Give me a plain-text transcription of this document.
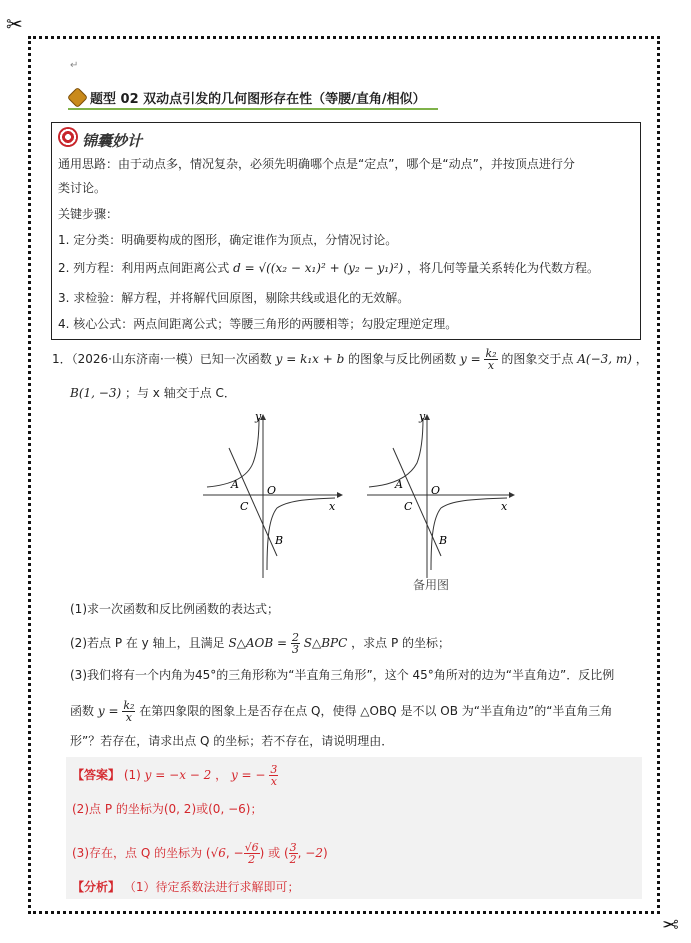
✂
✂
↵
题型 02 双动点引发的几何图形存在性（等腰/直角/相似）
锦囊妙计
通用思路：由于动点多，情况复杂，必须先明确哪个点是“定点”，哪个是“动点”，并按顶点进行分
类讨论。
关键步骤：
1. 定分类：明确要构成的图形，确定谁作为顶点，分情况讨论。
2. 列方程：利用两点间距离公式 d = √((x₂ − x₁)² + (y₂ − y₁)²) ，将几何等量关系转化为代数方程。
3. 求检验：解方程，并将解代回原图，剔除共线或退化的无效解。
4. 核心公式：两点间距离公式；等腰三角形的两腰相等；勾股定理逆定理。
1．（2026·山东济南·一模）已知一次函数 y = k₁x + b 的图象与反比例函数 $y = \frac{\text{k₂}}{x}$ 的图象交于点 A(−3, m) ，
B(1, −3) ；与 x 轴交于点 C．
y
x
O
A
C
B
y
x
O
A
C
B
备用图
(1)求一次函数和反比例函数的表达式；
(2)若点 P 在 y 轴上，且满足 S△AOB = $\frac{2}{3}$ S△BPC ，求点 P 的坐标；
(3)我们将有一个内角为45°的三角形称为“半直角三角形”，这个 45°角所对的边为“半直角边”．反比例
函数 $y = \frac{\text{k₂}}{x}$ 在第四象限的图象上是否存在点 Q，使得 △OBQ 是不以 OB 为“半直角边”的“半直角三角
形”？若存在，请求出点 Q 的坐标；若不存在，请说明理由．
【答案】 (1) y = −x − 2 ， y = − $\frac{3}{x}$
(2)点 P 的坐标为(0, 2)或(0, −6)；
(3)存在，点 Q 的坐标为 (√6, − $\frac{√6}{2}$ ) 或 ( $\frac{3}{2}$ , −2)
【分析】 （1）待定系数法进行求解即可；
